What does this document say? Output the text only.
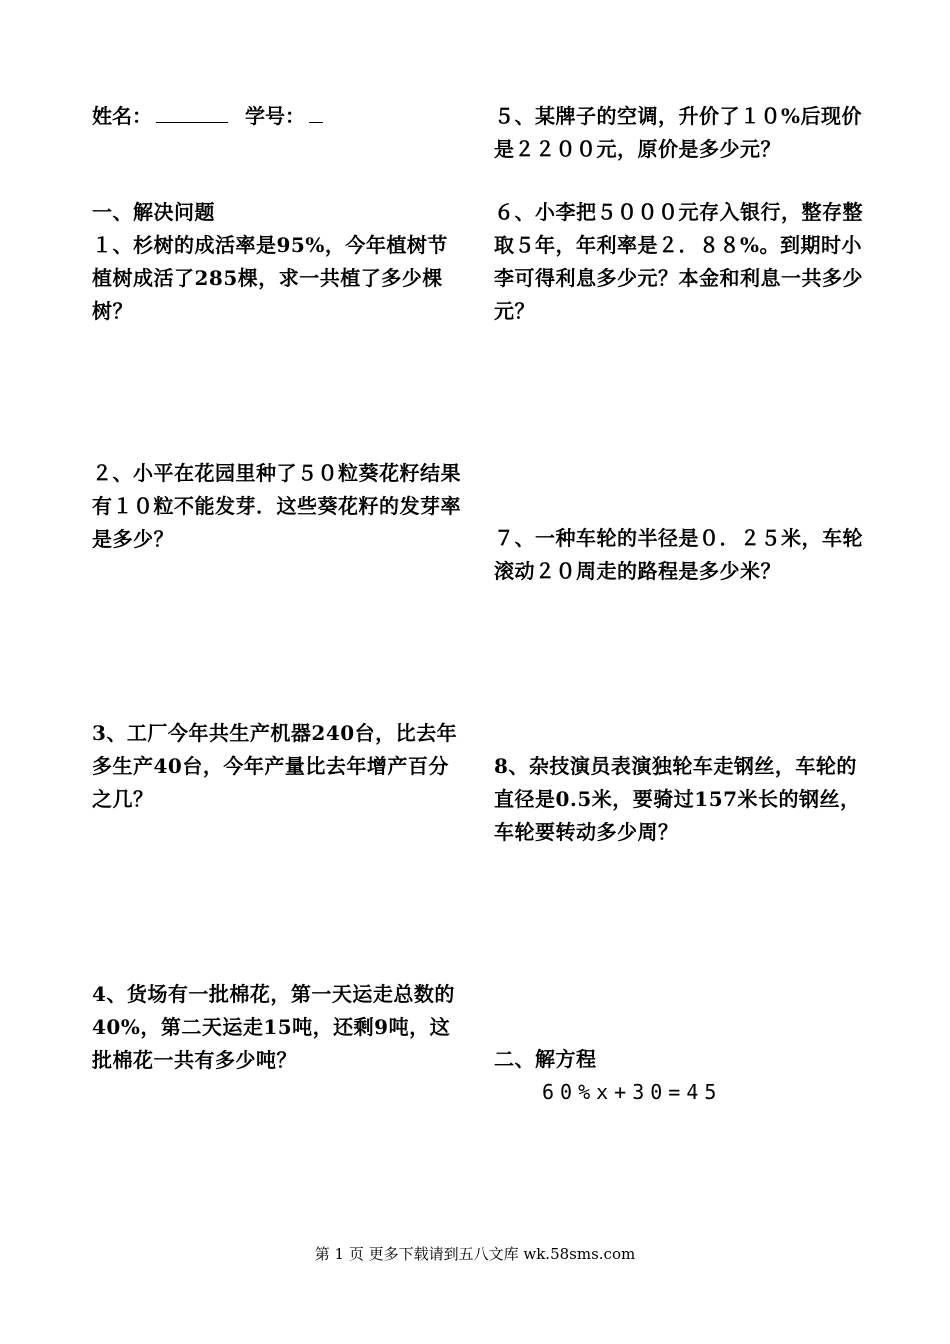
姓名：	学号：
一、解决问题
１、杉树的成活率是95%，今年植树节植树成活了285棵，求一共植了多少棵树？
２、小平在花园里种了５０粒葵花籽结果有１０粒不能发芽．这些葵花籽的发芽率是多少？
3、工厂今年共生产机器240台，比去年多生产40台，今年产量比去年增产百分之几？
4、货场有一批棉花，第一天运走总数的40%，第二天运走15吨，还剩9吨，这批棉花一共有多少吨？
５、某牌子的空调，升价了１０%后现价是２２００元，原价是多少元？
６、小李把５０００元存入银行，整存整取５年，年利率是２．８８%。到期时小李可得利息多少元？本金和利息一共多少元？
７、一种车轮的半径是０．２５米，车轮滚动２０周走的路程是多少米？
8、杂技演员表演独轮车走钢丝，车轮的直径是0.5米，要骑过157米长的钢丝，车轮要转动多少周？
二、解方程
60%x+30=45
第 1 页 更多下载请到五八文库 wk.58sms.com
